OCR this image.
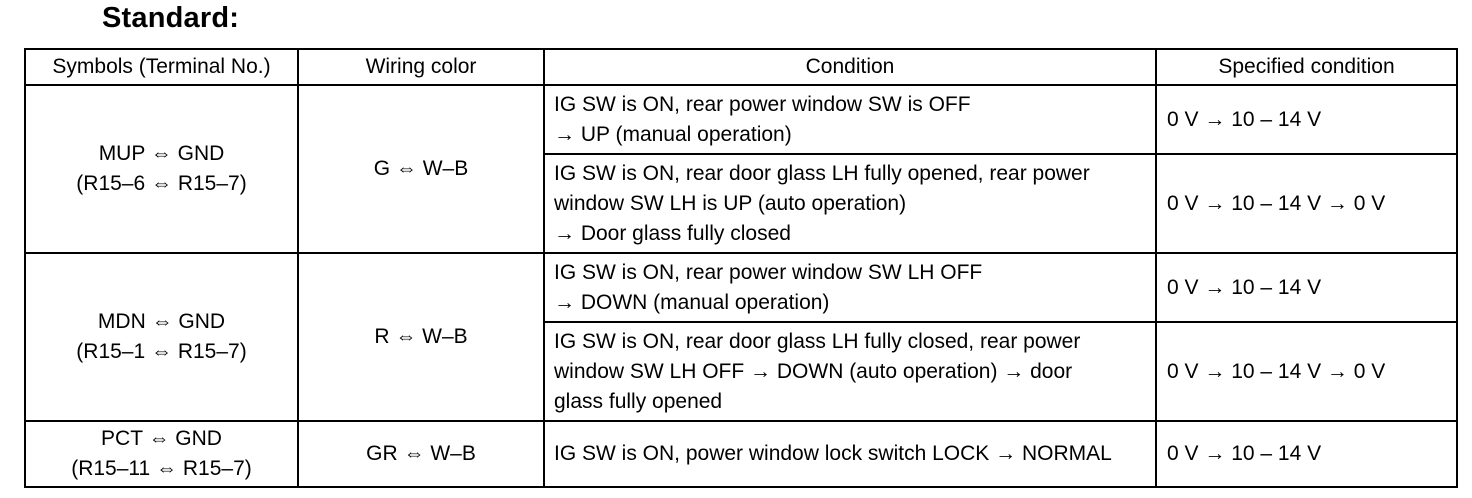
Standard:
Symbols (Terminal No.)	Wiring color	Condition	Specified condition

MUP ⇔ GND
(R15–6 ⇔ R15–7)	G ⇔ W–B	IG SW is ON, rear power window SW is OFF
→ UP (manual operation)	0 V → 10 – 14 V

		IG SW is ON, rear door glass LH fully opened, rear power
window SW LH is UP (auto operation)
→ Door glass fully closed	0 V → 10 – 14 V → 0 V

MDN ⇔ GND
(R15–1 ⇔ R15–7)	R ⇔ W–B	IG SW is ON, rear power window SW LH OFF
→ DOWN (manual operation)	0 V → 10 – 14 V

		IG SW is ON, rear door glass LH fully closed, rear power
window SW LH OFF → DOWN (auto operation) → door
glass fully opened	0 V → 10 – 14 V → 0 V

PCT ⇔ GND
(R15–11 ⇔ R15–7)	GR ⇔ W–B	IG SW is ON, power window lock switch LOCK → NORMAL	0 V → 10 – 14 V
